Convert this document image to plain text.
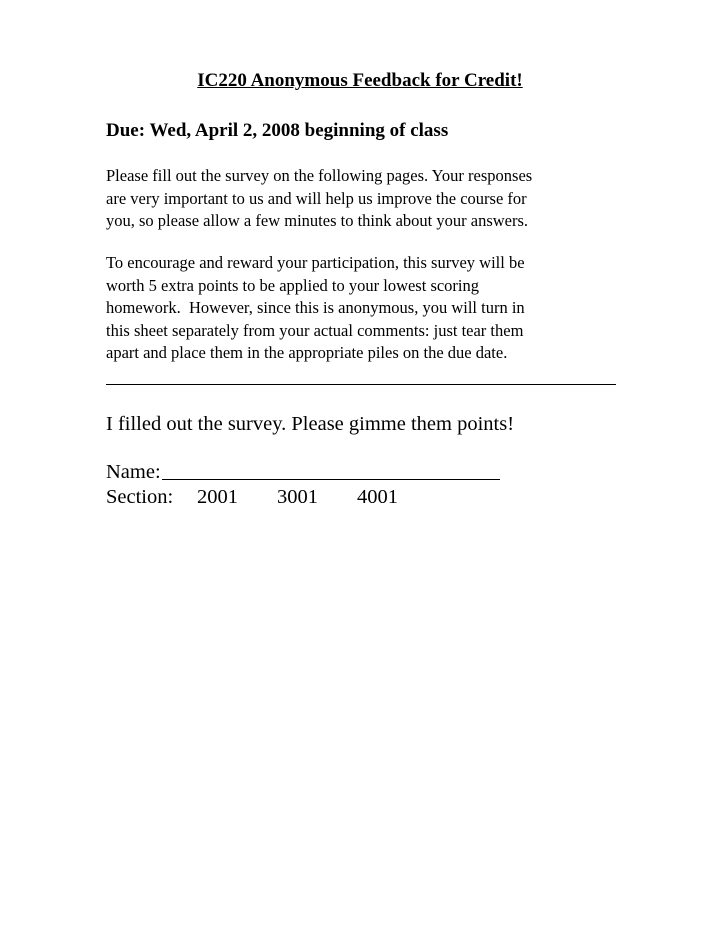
IC220 Anonymous Feedback for Credit!
Due: Wed, April 2, 2008 beginning of class

Please fill out the survey on the following pages. Your responses
are very important to us and will help us improve the course for
you, so please allow a few minutes to think about your answers.

To encourage and reward your participation, this survey will be
worth 5 extra points to be applied to your lowest scoring
homework.  However, since this is anonymous, you will turn in
this sheet separately from your actual comments: just tear them
apart and place them in the appropriate piles on the due date.

I filled out the survey. Please gimme them points!
Name:
Section: 2001 3001 4001
